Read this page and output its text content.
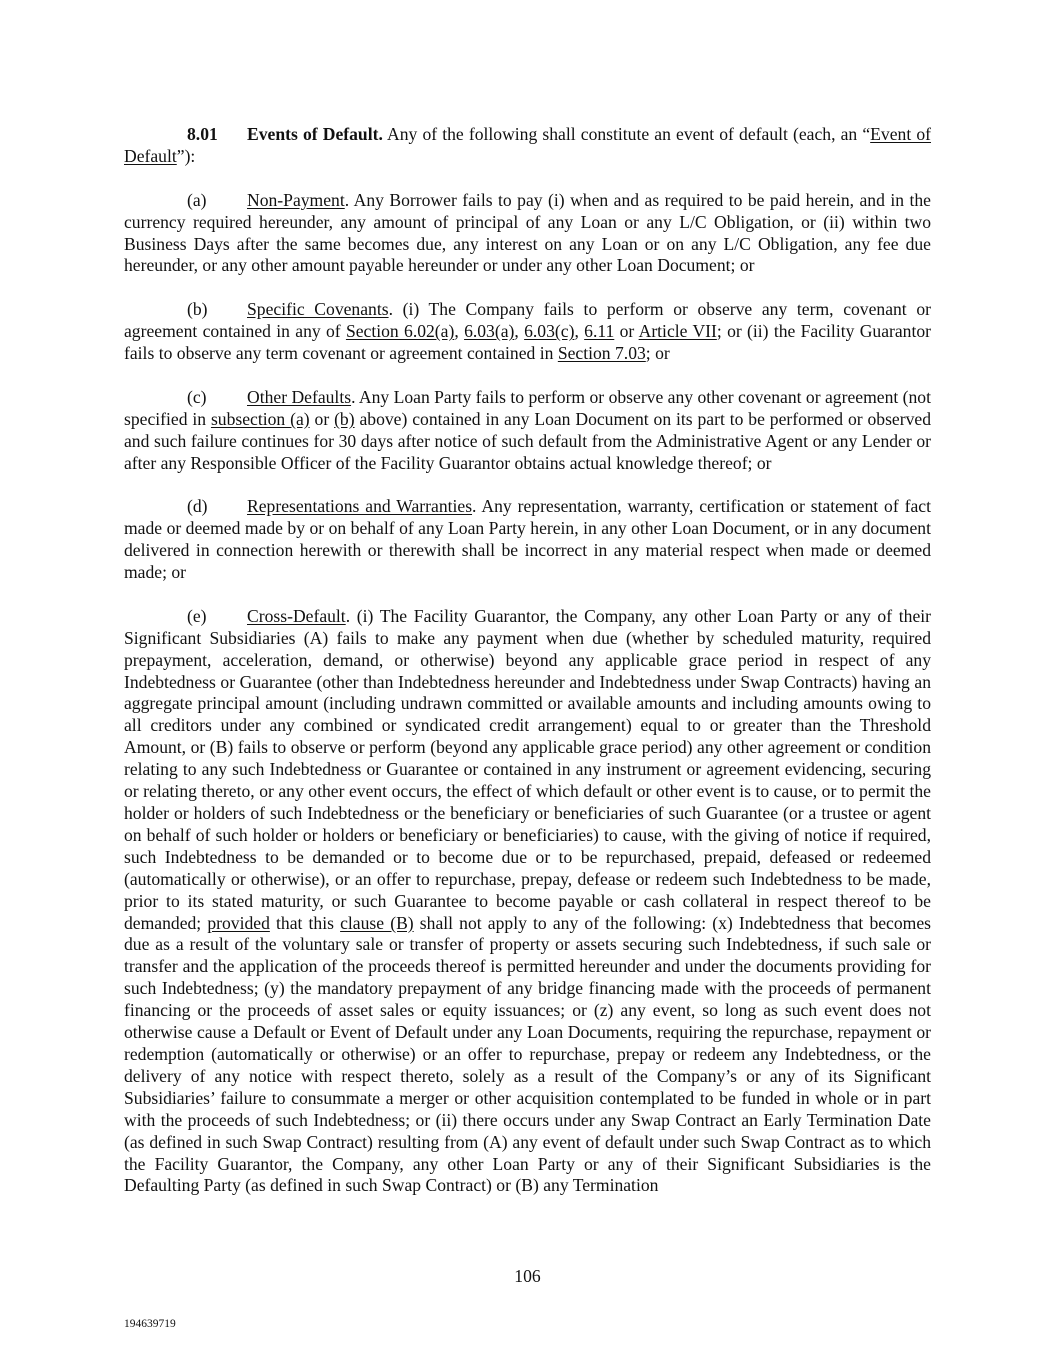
8.01 Events of Default. Any of the following shall constitute an event of default (each, an “Event of Default”):

(a) Non-Payment. Any Borrower fails to pay (i) when and as required to be paid herein, and in the currency required hereunder, any amount of principal of any Loan or any L/C Obligation, or (ii) within two Business Days after the same becomes due, any interest on any Loan or on any L/C Obligation, any fee due hereunder, or any other amount payable hereunder or under any other Loan Document; or

(b) Specific Covenants. (i) The Company fails to perform or observe any term, covenant or agreement contained in any of Section 6.02(a), 6.03(a), 6.03(c), 6.11 or Article VII; or (ii) the Facility Guarantor fails to observe any term covenant or agreement contained in Section 7.03; or

(c) Other Defaults. Any Loan Party fails to perform or observe any other covenant or agreement (not specified in subsection (a) or (b) above) contained in any Loan Document on its part to be performed or observed and such failure continues for 30 days after notice of such default from the Administrative Agent or any Lender or after any Responsible Officer of the Facility Guarantor obtains actual knowledge thereof; or

(d) Representations and Warranties. Any representation, warranty, certification or statement of fact made or deemed made by or on behalf of any Loan Party herein, in any other Loan Document, or in any document delivered in connection herewith or therewith shall be incorrect in any material respect when made or deemed made; or

(e) Cross-Default. (i) The Facility Guarantor, the Company, any other Loan Party or any of their Significant Subsidiaries (A) fails to make any payment when due (whether by scheduled maturity, required prepayment, acceleration, demand, or otherwise) beyond any applicable grace period in respect of any Indebtedness or Guarantee (other than Indebtedness hereunder and Indebtedness under Swap Contracts) having an aggregate principal amount (including undrawn committed or available amounts and including amounts owing to all creditors under any combined or syndicated credit arrangement) equal to or greater than the Threshold Amount, or (B) fails to observe or perform (beyond any applicable grace period) any other agreement or condition relating to any such Indebtedness or Guarantee or contained in any instrument or agreement evidencing, securing or relating thereto, or any other event occurs, the effect of which default or other event is to cause, or to permit the holder or holders of such Indebtedness or the beneficiary or beneficiaries of such Guarantee (or a trustee or agent on behalf of such holder or holders or beneficiary or beneficiaries) to cause, with the giving of notice if required, such Indebtedness to be demanded or to become due or to be repurchased, prepaid, defeased or redeemed (automatically or otherwise), or an offer to repurchase, prepay, defease or redeem such Indebtedness to be made, prior to its stated maturity, or such Guarantee to become payable or cash collateral in respect thereof to be demanded; provided that this clause (B) shall not apply to any of the following: (x) Indebtedness that becomes due as a result of the voluntary sale or transfer of property or assets securing such Indebtedness, if such sale or transfer and the application of the proceeds thereof is permitted hereunder and under the documents providing for such Indebtedness; (y) the mandatory prepayment of any bridge financing made with the proceeds of permanent financing or the proceeds of asset sales or equity issuances; or (z) any event, so long as such event does not otherwise cause a Default or Event of Default under any Loan Documents, requiring the repurchase, repayment or redemption (automatically or otherwise) or an offer to repurchase, prepay or redeem any Indebtedness, or the delivery of any notice with respect thereto, solely as a result of the Company’s or any of its Significant Subsidiaries’ failure to consummate a merger or other acquisition contemplated to be funded in whole or in part with the proceeds of such Indebtedness; or (ii) there occurs under any Swap Contract an Early Termination Date (as defined in such Swap Contract) resulting from (A) any event of default under such Swap Contract as to which the Facility Guarantor, the Company, any other Loan Party or any of their Significant Subsidiaries is the Defaulting Party (as defined in such Swap Contract) or (B) any Termination

106
194639719
